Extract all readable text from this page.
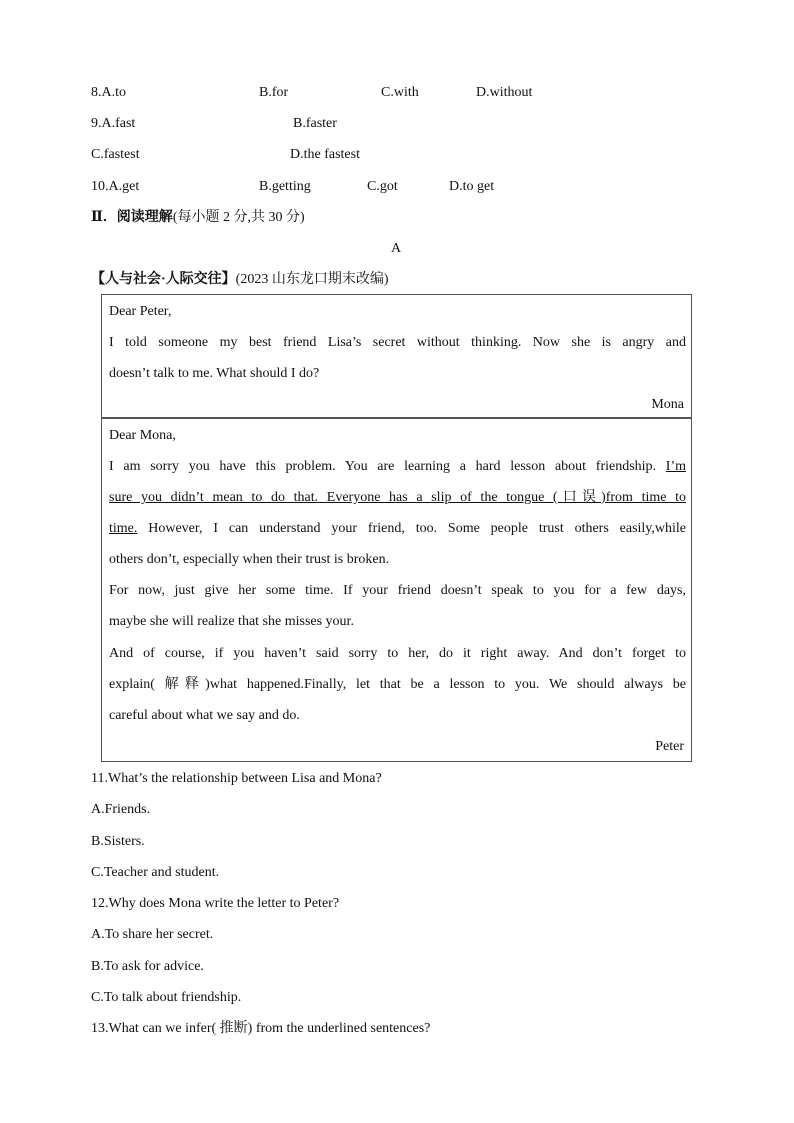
8.A.to	B.for	C.with	D.without
9.A.fast	B.faster
C.fastest	D.the fastest
10.A.get	B.getting	C.got	D.to get
Ⅱ．阅读理解(每小题 2 分,共 30 分)
A
【人与社会·人际交往】(2023 山东龙口期末改编)
Dear Peter,
I told someone my best friend Lisa’s secret without thinking. Now she is angry and
doesn’t talk to me. What should I do?
Mona
Dear Mona,
I am sorry you have this problem. You are learning a hard lesson about friendship. I’m
sure you didn’t mean to do that. Everyone has a slip of the tongue (口误)from time to
time. However, I can understand your friend, too. Some people trust others easily,while
others don’t, especially when their trust is broken.
For now, just give her some time. If your friend doesn’t speak to you for a few days,
maybe she will realize that she misses your.
And of course, if you haven’t said sorry to her, do it right away. And don’t forget to
explain( 解释)what happened.Finally, let that be a lesson to you. We should always be
careful about what we say and do.
Peter
11.What’s the relationship between Lisa and Mona?
A.Friends.
B.Sisters.
C.Teacher and student.
12.Why does Mona write the letter to Peter?
A.To share her secret.
B.To ask for advice.
C.To talk about friendship.
13.What can we infer( 推断) from the underlined sentences?
